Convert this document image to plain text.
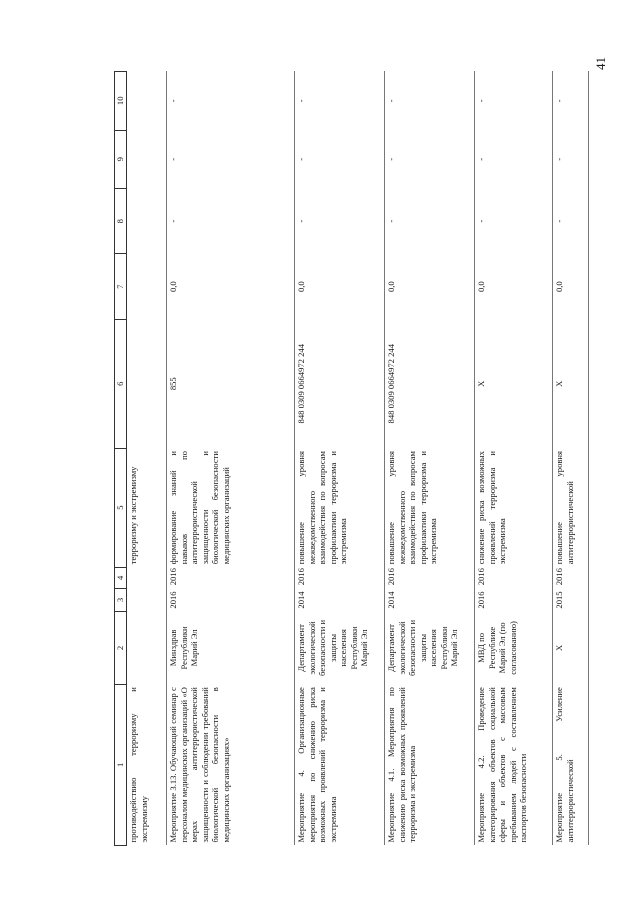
41
1	2	3	4	5	6	7	8	9	10
противодействию терроризму и экстремизму				терроризму и экстремизму					
Мероприятие 3.13. Обучающий семинар с персоналом медицинских организаций «О мерах антитеррористической защищенности и соблюдении требований биологической безопасности в медицинских организациях»	Минздрав Республики Марий Эл	2016	2016	формирование знаний и навыков по антитеррористической защищенности и биологической безопасности медицинских организаций	855	0,0	-	-	-
Мероприятие 4. Организационные мероприятия по снижению риска возможных проявлений терроризма и экстремизма	Департамент экологической безопасности и защиты населения Республики Марий Эл	2014	2016	повышение уровня межведомственного взаимодействия по вопросам профилактики терроризма и экстремизма	848 0309 0664972 244	0,0	-	-	-
Мероприятие 4.1. Мероприятия по снижению риска возможных проявлений терроризма и экстремизма	Департамент экологической безопасности и защиты населения Республики Марий Эл	2014	2016	повышение уровня межведомственного взаимодействия по вопросам профилактики терроризма и экстремизма	848 0309 0664972 244	0,0	-	-	-
Мероприятие 4.2. Проведение категорирования объектов социальной сферы и объектов с массовым пребыванием людей с составлением паспортов безопасности	МВД по Республике Марий Эл (по согласованию)	2016	2016	снижение риска возможных проявлений терроризма и экстремизма	X	0,0	-	-	-
Мероприятие 5. Усиление антитеррористической	X	2015	2016	повышение уровня антитеррористической	X	0,0	-	-	-
